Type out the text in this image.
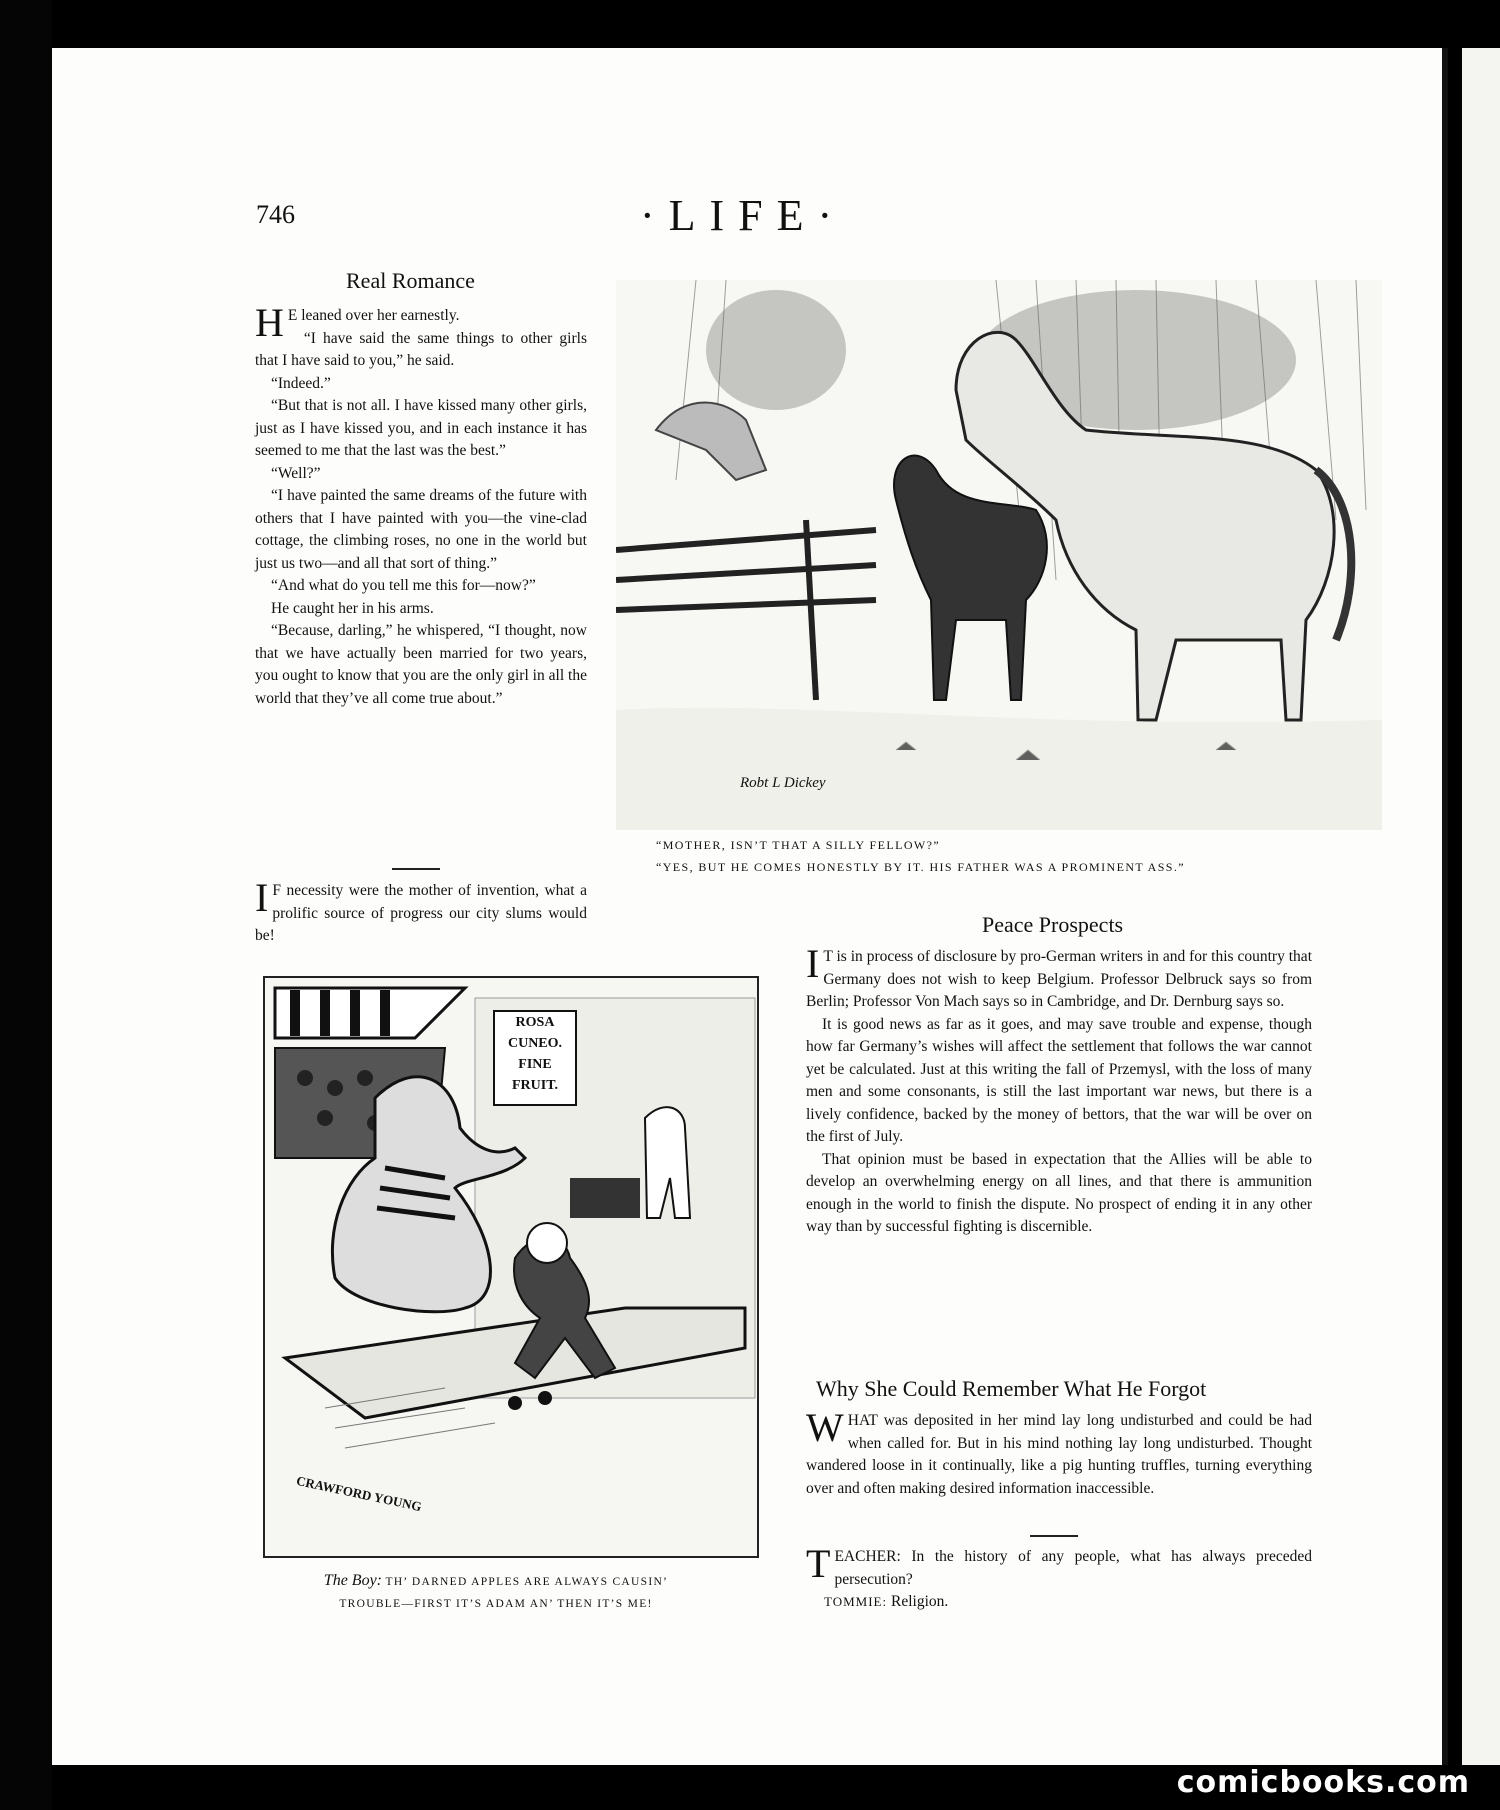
746	·LIFE·
Real Romance

H E leaned over her earnestly.

“I have said the same things to other girls that I have said to you,” he said.

“Indeed.”

“But that is not all. I have kissed many other girls, just as I have kissed you, and in each instance it has seemed to me that the last was the best.”

“Well?”

“I have painted the same dreams of the future with others that I have painted with you—the vine-clad cottage, the climbing roses, no one in the world but just us two—and all that sort of thing.”

“And what do you tell me this for—now?”

He caught her in his arms.

“Because, darling,” he whispered, “I thought, now that we have actually been married for two years, you ought to know that you are the only girl in all the world that they’ve all come true about.”

I F necessity were the mother of invention, what a prolific source of progress our city slums would be!

Robt L Dickey
“MOTHER, ISN’T THAT A SILLY FELLOW?”
“YES, BUT HE COMES HONESTLY BY IT. HIS FATHER WAS A PROMINENT ASS.”
Peace Prospects

I T is in process of disclosure by pro-German writers in and for this country that Germany does not wish to keep Belgium. Professor Delbruck says so from Berlin; Professor Von Mach says so in Cambridge, and Dr. Dernburg says so.

It is good news as far as it goes, and may save trouble and expense, though how far Germany’s wishes will affect the settlement that follows the war cannot yet be calculated. Just at this writing the fall of Przemysl, with the loss of many men and some consonants, is still the last important war news, but there is a lively confidence, backed by the money of bettors, that the war will be over on the first of July.

That opinion must be based in expectation that the Allies will be able to develop an overwhelming energy on all lines, and that there is ammunition enough in the world to finish the dispute. No prospect of ending it in any other way than by successful fighting is discernible.

Why She Could Remember What He Forgot

WHAT was deposited in her mind lay long undisturbed and could be had when called for. But in his mind nothing lay long undisturbed. Thought wandered loose in it continually, like a pig hunting truffles, turning everything over and often making desired information inaccessible.

TEACHER: In the history of any people, what has always preceded persecution?

TOMMIE: Religion.

ROSA
CUNEO.
FINE
FRUIT.
CRAWFORD YOUNG
The Boy: TH’ DARNED APPLES ARE ALWAYS CAUSIN’
TROUBLE—FIRST IT’S ADAM AN’ THEN IT’S ME!
comicbooks.com
